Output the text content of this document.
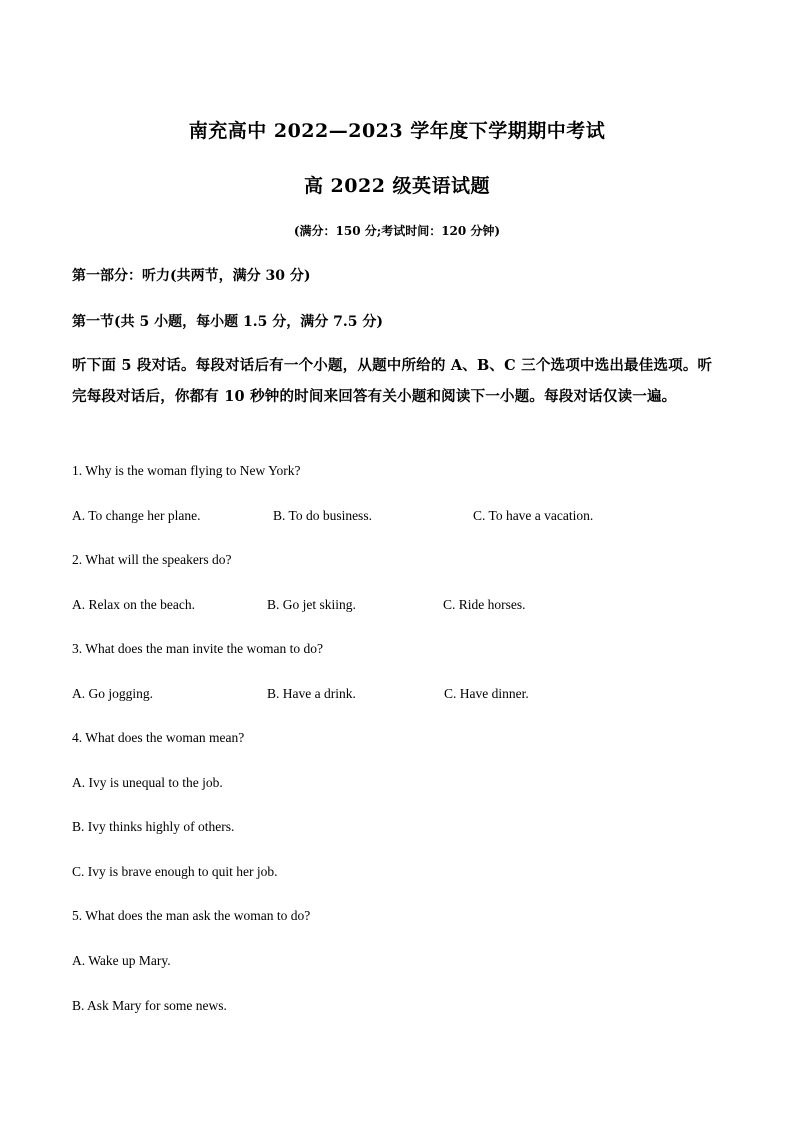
南充高中 2022—2023 学年度下学期期中考试
高 2022 级英语试题
(满分：150 分;考试时间：120 分钟)
第一部分：听力(共两节，满分 30 分)
第一节(共 5 小题，每小题 1.5 分，满分 7.5 分)
听下面 5 段对话。每段对话后有一个小题，从题中所给的 A、B、C 三个选项中选出最佳选项。听完每段对话后，你都有 10 秒钟的时间来回答有关小题和阅读下一小题。每段对话仅读一遍。
1. Why is the woman flying to New York?
A. To change her plane.	B. To do business.	C. To have a vacation.
2. What will the speakers do?
A. Relax on the beach.	B. Go jet skiing.	C. Ride horses.
3. What does the man invite the woman to do?
A. Go jogging.	B. Have a drink.	C. Have dinner.
4. What does the woman mean?
A. Ivy is unequal to the job.
B. Ivy thinks highly of others.
C. Ivy is brave enough to quit her job.
5. What does the man ask the woman to do?
A. Wake up Mary.
B. Ask Mary for some news.
